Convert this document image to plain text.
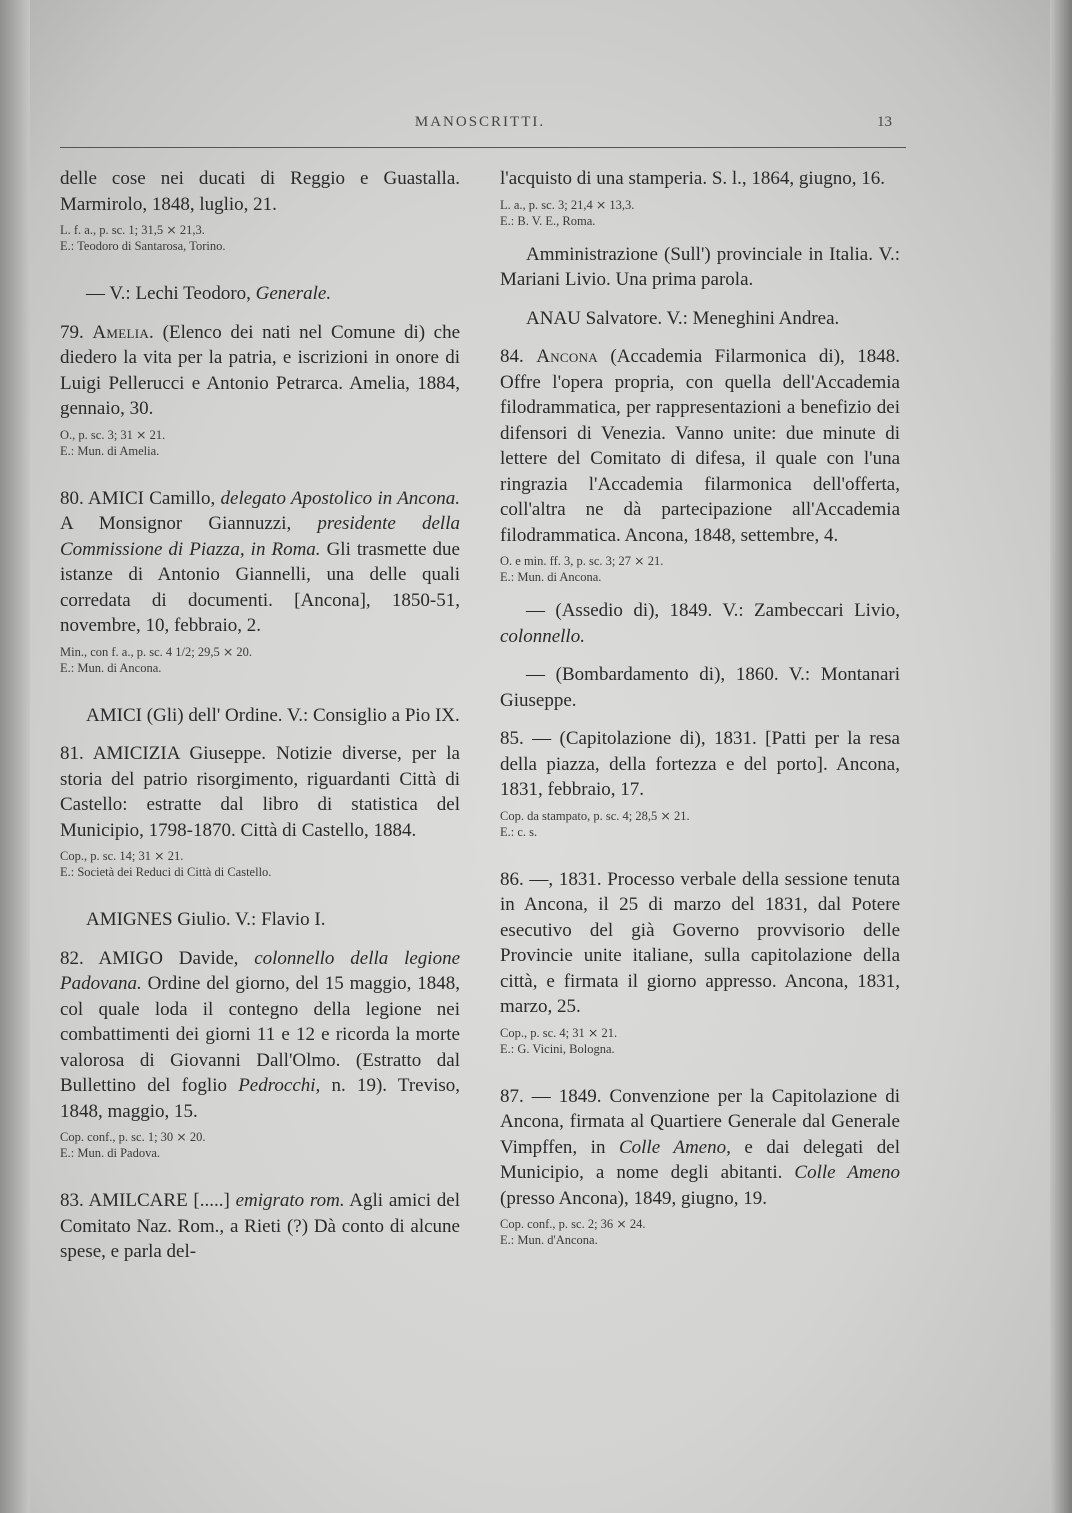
MANOSCRITTI.	13

delle cose nei ducati di Reggio e Guastalla. Marmirolo, 1848, luglio, 21.

L. f. a., p. sc. 1; 31,5 ⨯ 21,3.
E.: Teodoro di Santarosa, Torino.

— V.: Lechi Teodoro, Generale.

79. Amelia. (Elenco dei nati nel Comune di) che diedero la vita per la patria, e iscrizioni in onore di Luigi Pellerucci e Antonio Petrarca. Amelia, 1884, gennaio, 30.

O., p. sc. 3; 31 ⨯ 21.
E.: Mun. di Amelia.

80. AMICI Camillo, delegato Apostolico in Ancona. A Monsignor Giannuzzi, presidente della Commissione di Piazza, in Roma. Gli trasmette due istanze di Antonio Giannelli, una delle quali corredata di documenti. [Ancona], 1850-51, novembre, 10, febbraio, 2.

Min., con f. a., p. sc. 4 1/2; 29,5 ⨯ 20.
E.: Mun. di Ancona.

AMICI (Gli) dell' Ordine. V.: Consiglio a Pio IX.

81. AMICIZIA Giuseppe. Notizie diverse, per la storia del patrio risorgimento, riguardanti Città di Castello: estratte dal libro di statistica del Municipio, 1798-1870. Città di Castello, 1884.

Cop., p. sc. 14; 31 ⨯ 21.
E.: Società dei Reduci di Città di Castello.

AMIGNES Giulio. V.: Flavio I.

82. AMIGO Davide, colonnello della legione Padovana. Ordine del giorno, del 15 maggio, 1848, col quale loda il contegno della legione nei combattimenti dei giorni 11 e 12 e ricorda la morte valorosa di Giovanni Dall'Olmo. (Estratto dal Bullettino del foglio Pedrocchi, n. 19). Treviso, 1848, maggio, 15.

Cop. conf., p. sc. 1; 30 ⨯ 20.
E.: Mun. di Padova.

83. AMILCARE [.....] emigrato rom. Agli amici del Comitato Naz. Rom., a Rieti (?) Dà conto di alcune spese, e parla del-

l'acquisto di una stamperia. S. l., 1864, giugno, 16.

L. a., p. sc. 3; 21,4 ⨯ 13,3.
E.: B. V. E., Roma.

Amministrazione (Sull') provinciale in Italia. V.: Mariani Livio. Una prima parola.

ANAU Salvatore. V.: Meneghini Andrea.

84. Ancona (Accademia Filarmonica di), 1848. Offre l'opera propria, con quella dell'Accademia filodrammatica, per rappresentazioni a benefizio dei difensori di Venezia. Vanno unite: due minute di lettere del Comitato di difesa, il quale con l'una ringrazia l'Accademia filarmonica dell'offerta, coll'altra ne dà partecipazione all'Accademia filodrammatica. Ancona, 1848, settembre, 4.

O. e min. ff. 3, p. sc. 3; 27 ⨯ 21.
E.: Mun. di Ancona.

— (Assedio di), 1849. V.: Zambeccari Livio, colonnello.

— (Bombardamento di), 1860. V.: Montanari Giuseppe.

85. — (Capitolazione di), 1831. [Patti per la resa della piazza, della fortezza e del porto]. Ancona, 1831, febbraio, 17.

Cop. da stampato, p. sc. 4; 28,5 ⨯ 21.
E.: c. s.

86. —, 1831. Processo verbale della sessione tenuta in Ancona, il 25 di marzo del 1831, dal Potere esecutivo del già Governo provvisorio delle Provincie unite italiane, sulla capitolazione della città, e firmata il giorno appresso. Ancona, 1831, marzo, 25.

Cop., p. sc. 4; 31 ⨯ 21.
E.: G. Vicini, Bologna.

87. — 1849. Convenzione per la Capitolazione di Ancona, firmata al Quartiere Generale dal Generale Vimpffen, in Colle Ameno, e dai delegati del Municipio, a nome degli abitanti. Colle Ameno (presso Ancona), 1849, giugno, 19.

Cop. conf., p. sc. 2; 36 ⨯ 24.
E.: Mun. d'Ancona.
